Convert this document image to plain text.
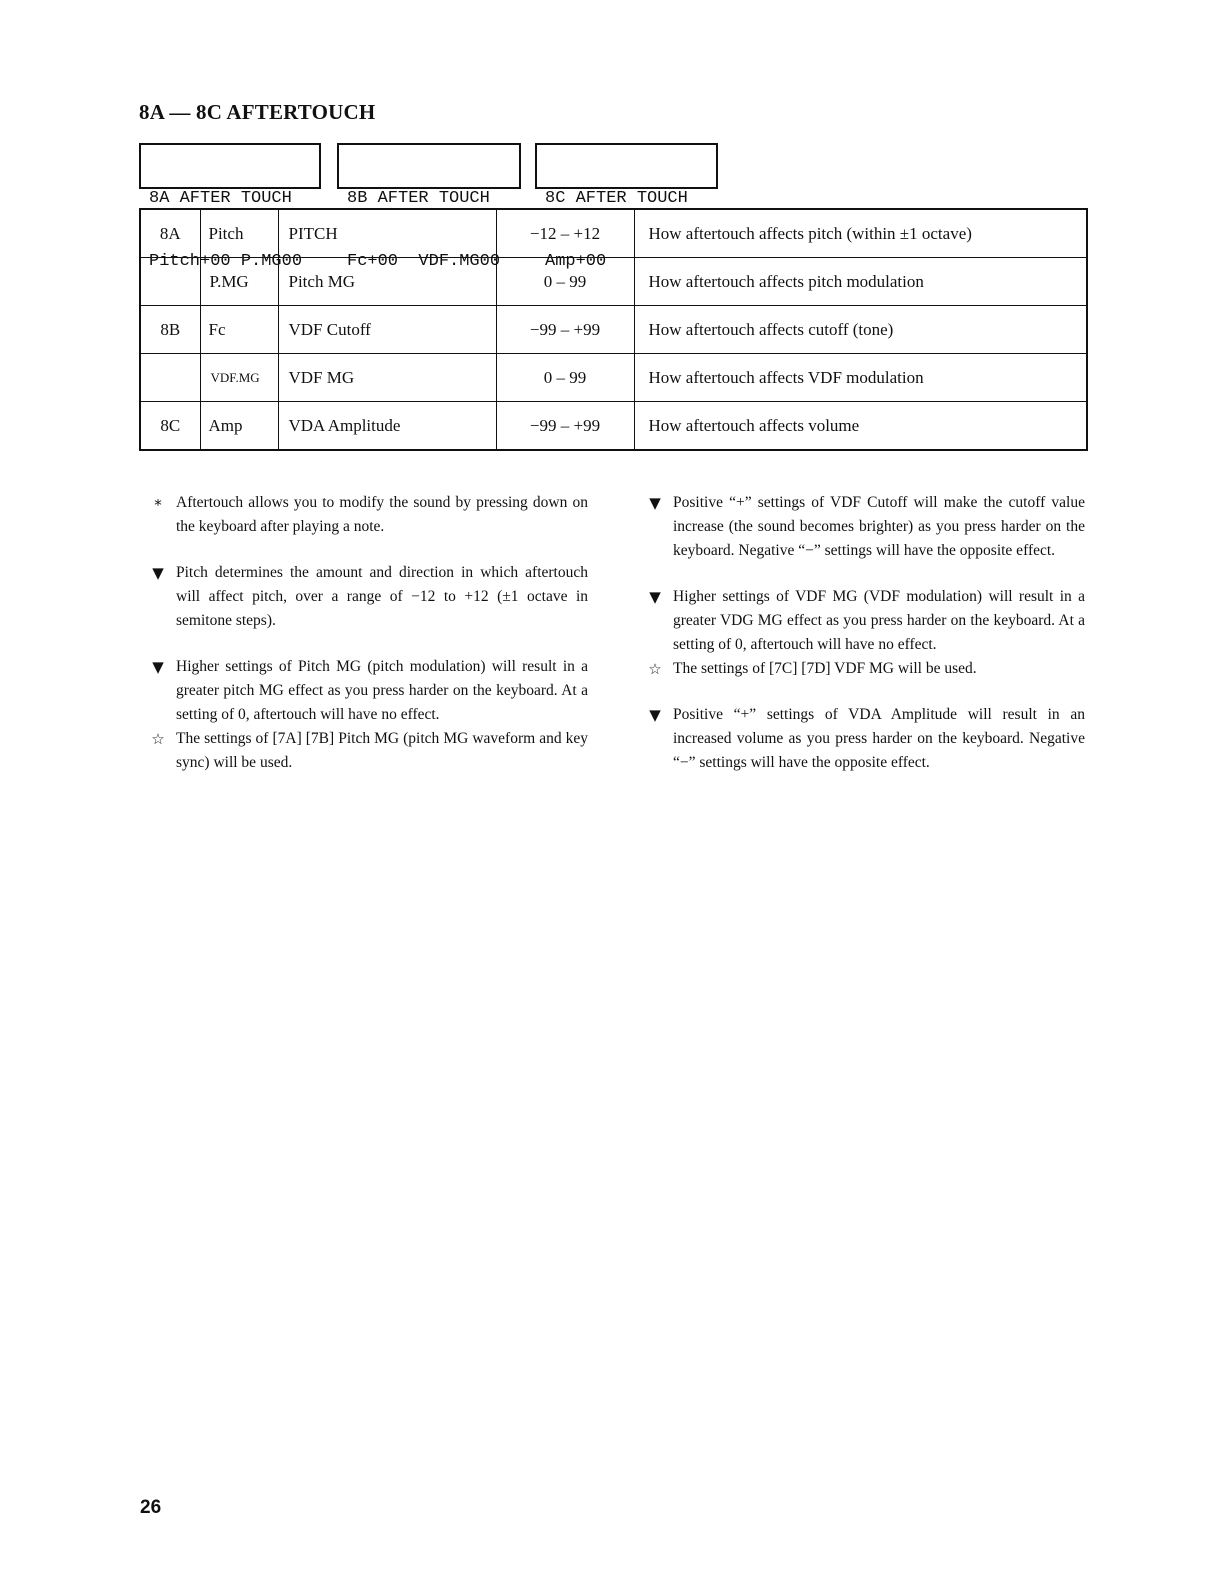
8A — 8C AFTERTOUCH

8A AFTER TOUCH

Pitch+00 P.MG00

8B AFTER TOUCH

Fc+00  VDF.MG00

8C AFTER TOUCH

Amp+00

8A	Pitch	PITCH	−12 – +12	How aftertouch affects pitch (within ±1 octave)
	P.MG	Pitch MG	0 – 99	How aftertouch affects pitch modulation
8B	Fc	VDF Cutoff	−99 – +99	How aftertouch affects cutoff (tone)
	VDF.MG	VDF MG	0 – 99	How aftertouch affects VDF modulation
8C	Amp	VDA Amplitude	−99 – +99	How aftertouch affects volume
* Aftertouch allows you to modify the sound by pressing down on the keyboard after playing a note.
▼ Pitch determines the amount and direction in which aftertouch will affect pitch, over a range of −12 to +12 (±1 octave in semitone steps).
▼ Higher settings of Pitch MG (pitch modulation) will result in a greater pitch MG effect as you press harder on the keyboard. At a setting of 0, aftertouch will have no effect.
☆ The settings of [7A] [7B] Pitch MG (pitch MG waveform and key sync) will be used.
▼ Positive “+” settings of VDF Cutoff will make the cutoff value increase (the sound becomes brighter) as you press harder on the keyboard. Negative “−” settings will have the opposite effect.
▼ Higher settings of VDF MG (VDF modulation) will result in a greater VDG MG effect as you press harder on the keyboard. At a setting of 0, aftertouch will have no effect.
☆ The settings of [7C] [7D] VDF MG will be used.
▼ Positive “+” settings of VDA Amplitude will result in an increased volume as you press harder on the keyboard. Negative “−” settings will have the opposite effect.
26
